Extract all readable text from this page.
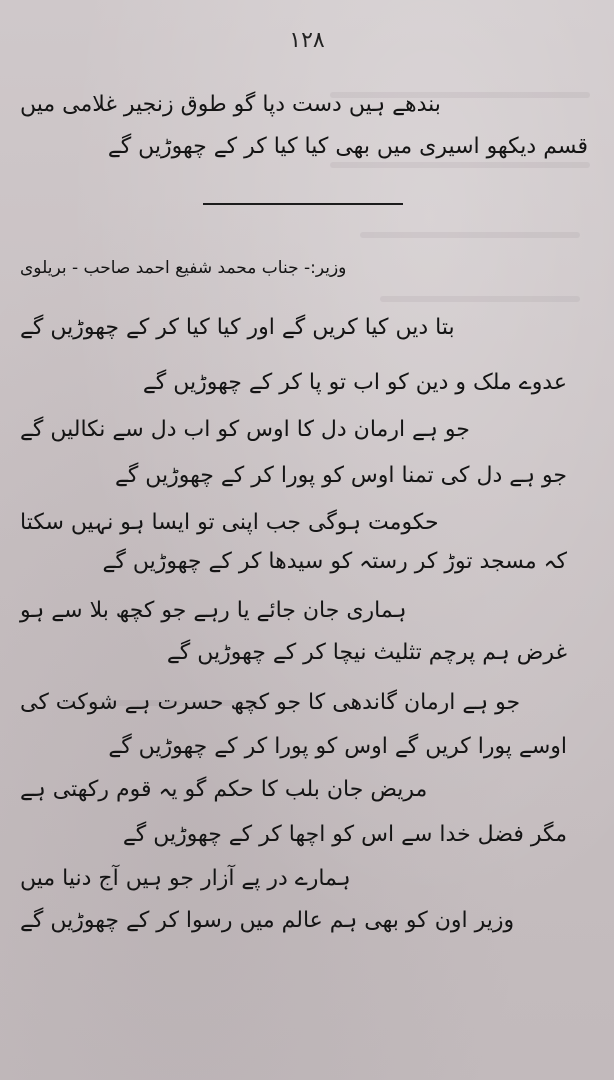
۱۲۸
بندھے ہیں دست دپا گو طوق زنجیر غلامی میں
قسم دیکھو اسیری میں بھی کیا کیا کر کے چھوڑیں گے
وزیر:- جناب محمد شفیع احمد صاحب - بریلوی
بتا دیں کیا کریں گے اور کیا کیا کر کے چھوڑیں گے
عدوے ملک و دین کو اب تو پا کر کے چھوڑیں گے
جو ہے ارمان دل کا اوس کو اب دل سے نکالیں گے
جو ہے دل کی تمنا اوس کو پورا کر کے چھوڑیں گے
حکومت ہوگی جب اپنی تو ایسا ہو نہیں سکتا
کہ مسجد توڑ کر رستہ کو سیدھا کر کے چھوڑیں گے
ہماری جان جائے یا رہے جو کچھ بلا سے ہو
غرض ہم پرچم تثلیث نیچا کر کے چھوڑیں گے
جو ہے ارمان گاندھی کا جو کچھ حسرت ہے شوکت کی
اوسے پورا کریں گے اوس کو پورا کر کے چھوڑیں گے
مریض جان بلب کا حکم گو یہ قوم رکھتی ہے
مگر فضل خدا سے اس کو اچھا کر کے چھوڑیں گے
ہمارے در پے آزار جو ہیں آج دنیا میں
وزیر اون کو بھی ہم عالم میں رسوا کر کے چھوڑیں گے
